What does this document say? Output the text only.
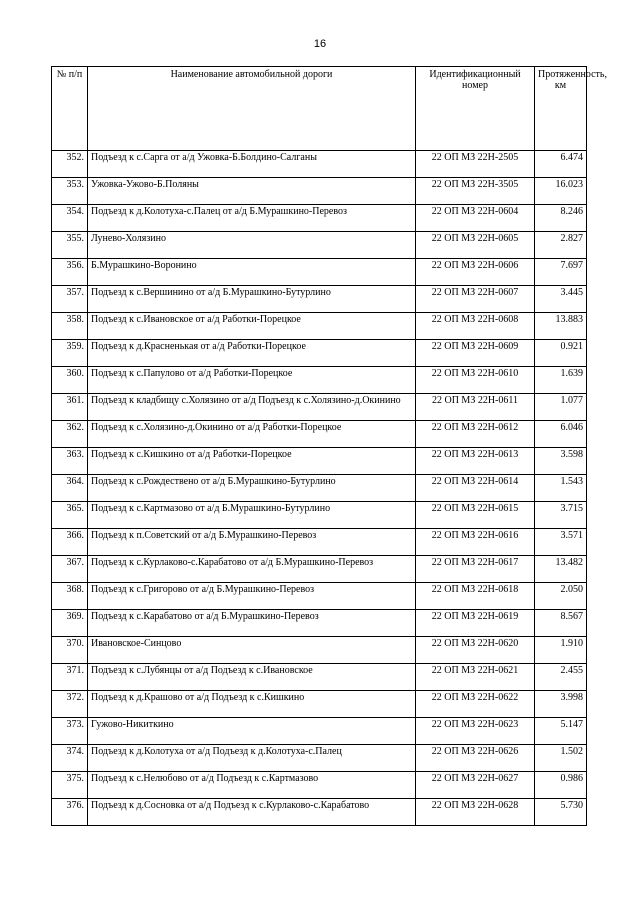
16
№ п/п	Наименование автомобильной дороги	Идентификационный номер	Протяженность, км
352.	Подъезд к с.Сарга от а/д Ужовка-Б.Болдино-Салганы	22 ОП МЗ 22Н-2505	6.474
353.	Ужовка-Ужово-Б.Поляны	22 ОП МЗ 22Н-3505	16.023
354.	Подъезд к д.Колотуха-с.Палец от а/д Б.Мурашкино-Перевоз	22 ОП МЗ 22Н-0604	8.246
355.	Лунево-Холязино	22 ОП МЗ 22Н-0605	2.827
356.	Б.Мурашкино-Воронино	22 ОП МЗ 22Н-0606	7.697
357.	Подъезд к с.Вершинино от а/д Б.Мурашкино-Бутурлино	22 ОП МЗ 22Н-0607	3.445
358.	Подъезд к с.Ивановское от а/д Работки-Порецкое	22 ОП МЗ 22Н-0608	13.883
359.	Подъезд к д.Красненькая от а/д Работки-Порецкое	22 ОП МЗ 22Н-0609	0.921
360.	Подъезд к с.Папулово от а/д Работки-Порецкое	22 ОП МЗ 22Н-0610	1.639
361.	Подъезд к кладбищу с.Холязино от а/д Подъезд к с.Холязино-д.Окинино	22 ОП МЗ 22Н-0611	1.077
362.	Подъезд к с.Холязино-д.Окинино от а/д Работки-Порецкое	22 ОП МЗ 22Н-0612	6.046
363.	Подъезд к с.Кишкино от а/д Работки-Порецкое	22 ОП МЗ 22Н-0613	3.598
364.	Подъезд к с.Рождествено от а/д Б.Мурашкино-Бутурлино	22 ОП МЗ 22Н-0614	1.543
365.	Подъезд к с.Картмазово от а/д Б.Мурашкино-Бутурлино	22 ОП МЗ 22Н-0615	3.715
366.	Подъезд к п.Советский от а/д Б.Мурашкино-Перевоз	22 ОП МЗ 22Н-0616	3.571
367.	Подъезд к с.Курлаково-с.Карабатово от а/д Б.Мурашкино-Перевоз	22 ОП МЗ 22Н-0617	13.482
368.	Подъезд к с.Григорово от а/д Б.Мурашкино-Перевоз	22 ОП МЗ 22Н-0618	2.050
369.	Подъезд к с.Карабатово от а/д Б.Мурашкино-Перевоз	22 ОП МЗ 22Н-0619	8.567
370.	Ивановское-Синцово	22 ОП МЗ 22Н-0620	1.910
371.	Подъезд к с.Лубянцы от а/д Подъезд к с.Ивановское	22 ОП МЗ 22Н-0621	2.455
372.	Подъезд к д.Крашово от а/д Подъезд к с.Кишкино	22 ОП МЗ 22Н-0622	3.998
373.	Гужово-Никиткино	22 ОП МЗ 22Н-0623	5.147
374.	Подъезд к д.Колотуха от а/д Подъезд к д.Колотуха-с.Палец	22 ОП МЗ 22Н-0626	1.502
375.	Подъезд к с.Нелюбово от а/д Подъезд к с.Картмазово	22 ОП МЗ 22Н-0627	0.986
376.	Подъезд к д.Сосновка от а/д Подъезд к с.Курлаково-с.Карабатово	22 ОП МЗ 22Н-0628	5.730
